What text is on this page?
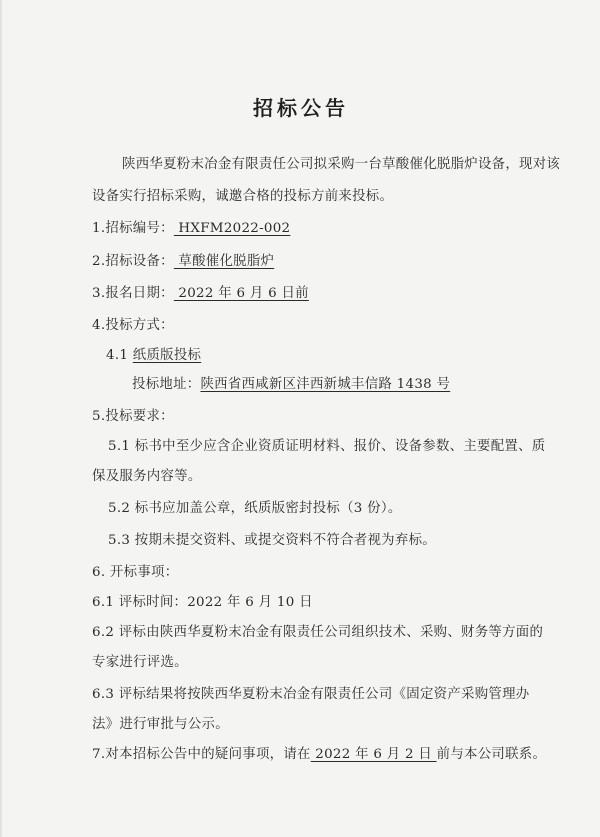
招标公告
陕西华夏粉末冶金有限责任公司拟采购一台草酸催化脱脂炉设备，现对该
设备实行招标采购，诚邀合格的投标方前来投标。
1.招标编号： HXFM2022-002
2.招标设备： 草酸催化脱脂炉
3.报名日期： 2022 年 6 月 6 日前
4.投标方式：
4.1 纸质版投标
投标地址：陕西省西咸新区沣西新城丰信路 1438 号
5.投标要求：
5.1 标书中至少应含企业资质证明材料、报价、设备参数、主要配置、质
保及服务内容等。
5.2 标书应加盖公章，纸质版密封投标（3 份）。
5.3 按期未提交资料、或提交资料不符合者视为弃标。
6. 开标事项：
6.1 评标时间：2022 年 6 月 10 日
6.2 评标由陕西华夏粉末冶金有限责任公司组织技术、采购、财务等方面的
专家进行评选。
6.3 评标结果将按陕西华夏粉末冶金有限责任公司《固定资产采购管理办
法》进行审批与公示。
7.对本招标公告中的疑问事项，请在 2022 年 6 月 2 日 前与本公司联系。
